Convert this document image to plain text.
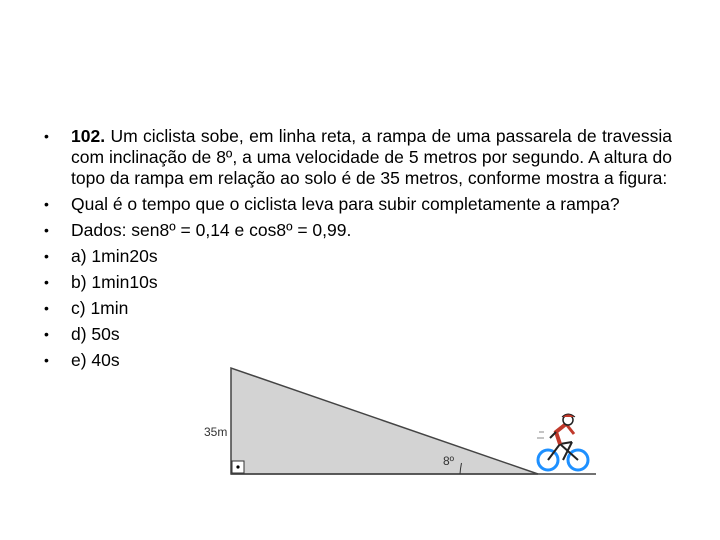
• 102. Um ciclista sobe, em linha reta, a rampa de uma passarela de travessia com inclinação de 8º, a uma velocidade de 5 metros por segundo. A altura do topo da rampa em relação ao solo é de 35 metros, conforme mostra a figura:
• Qual é o tempo que o ciclista leva para subir completamente a rampa?
• Dados: sen8º = 0,14 e cos8º = 0,99.
• a) 1min20s
• b) 1min10s
• c) 1min
• d) 50s
• e) 40s
35m
8º
